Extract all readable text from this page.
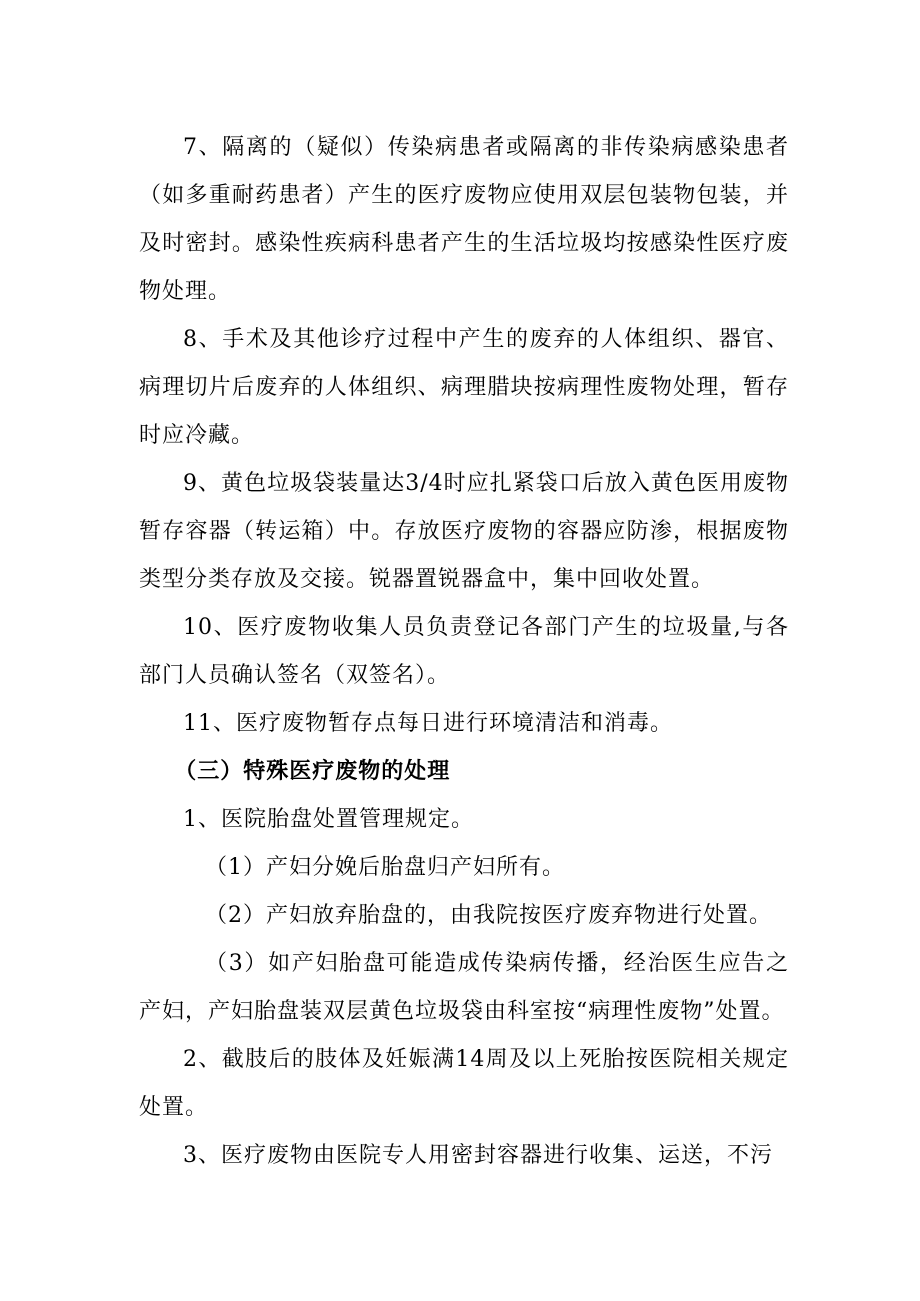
7、隔离的（疑似）传染病患者或隔离的非传染病感染患者（如多重耐药患者）产生的医疗废物应使用双层包装物包装，并及时密封。感染性疾病科患者产生的生活垃圾均按感染性医疗废物处理。

8、手术及其他诊疗过程中产生的废弃的人体组织、器官、病理切片后废弃的人体组织、病理腊块按病理性废物处理，暂存时应冷藏。

9、黄色垃圾袋装量达3/4时应扎紧袋口后放入黄色医用废物暂存容器（转运箱）中。存放医疗废物的容器应防渗，根据废物类型分类存放及交接。锐器置锐器盒中，集中回收处置。

10、医疗废物收集人员负责登记各部门产生的垃圾量,与各部门人员确认签名（双签名）。

11、医疗废物暂存点每日进行环境清洁和消毒。

（三）特殊医疗废物的处理

1、医院胎盘处置管理规定。

（1）产妇分娩后胎盘归产妇所有。

（2）产妇放弃胎盘的，由我院按医疗废弃物进行处置。

（3）如产妇胎盘可能造成传染病传播，经治医生应告之产妇，产妇胎盘装双层黄色垃圾袋由科室按“病理性废物”处置。

2、截肢后的肢体及妊娠满14周及以上死胎按医院相关规定处置。

3、医疗废物由医院专人用密封容器进行收集、运送，不污
